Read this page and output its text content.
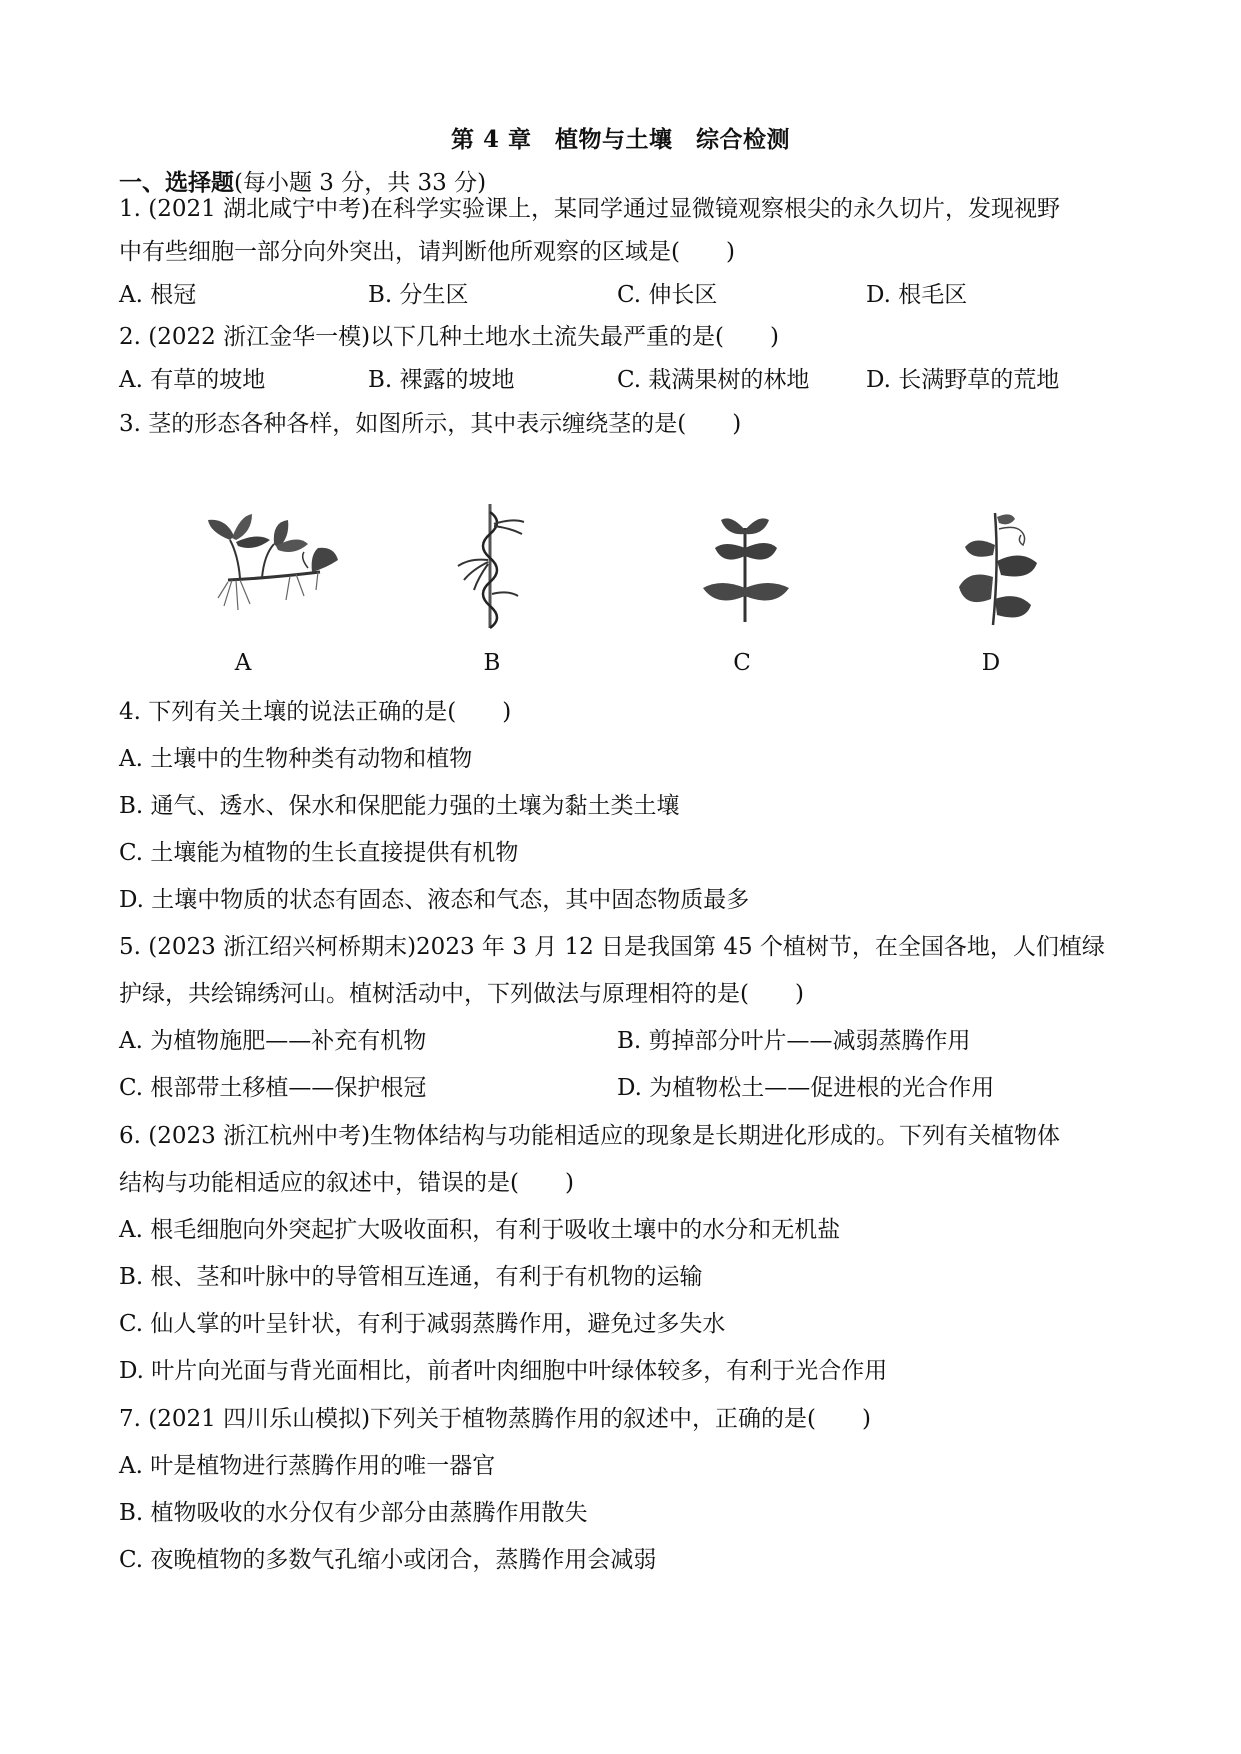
第 4 章　植物与土壤　综合检测
一、选择题(每小题 3 分，共 33 分)
1. (2021 湖北咸宁中考)在科学实验课上，某同学通过显微镜观察根尖的永久切片，发现视野
中有些细胞一部分向外突出，请判断他所观察的区域是(　　)
A. 根冠	B. 分生区	C. 伸长区	D. 根毛区
2. (2022 浙江金华一模)以下几种土地水土流失最严重的是(　　)
A. 有草的坡地	B. 裸露的坡地	C. 栽满果树的林地 D. 长满野草的荒地
3. 茎的形态各种各样，如图所示，其中表示缠绕茎的是(　　)
A	B	C	D
4. 下列有关土壤的说法正确的是(　　)
A. 土壤中的生物种类有动物和植物
B. 通气、透水、保水和保肥能力强的土壤为黏土类土壤
C. 土壤能为植物的生长直接提供有机物
D. 土壤中物质的状态有固态、液态和气态，其中固态物质最多
5. (2023 浙江绍兴柯桥期末)2023 年 3 月 12 日是我国第 45 个植树节，在全国各地，人们植绿
护绿，共绘锦绣河山。植树活动中，下列做法与原理相符的是(　　)
A. 为植物施肥——补充有机物	B. 剪掉部分叶片——减弱蒸腾作用
C. 根部带土移植——保护根冠	D. 为植物松土——促进根的光合作用
6. (2023 浙江杭州中考)生物体结构与功能相适应的现象是长期进化形成的。下列有关植物体
结构与功能相适应的叙述中，错误的是(　　)
A. 根毛细胞向外突起扩大吸收面积，有利于吸收土壤中的水分和无机盐
B. 根、茎和叶脉中的导管相互连通，有利于有机物的运输
C. 仙人掌的叶呈针状，有利于减弱蒸腾作用，避免过多失水
D. 叶片向光面与背光面相比，前者叶肉细胞中叶绿体较多，有利于光合作用
7. (2021 四川乐山模拟)下列关于植物蒸腾作用的叙述中，正确的是(　　)
A. 叶是植物进行蒸腾作用的唯一器官
B. 植物吸收的水分仅有少部分由蒸腾作用散失
C. 夜晚植物的多数气孔缩小或闭合，蒸腾作用会减弱
